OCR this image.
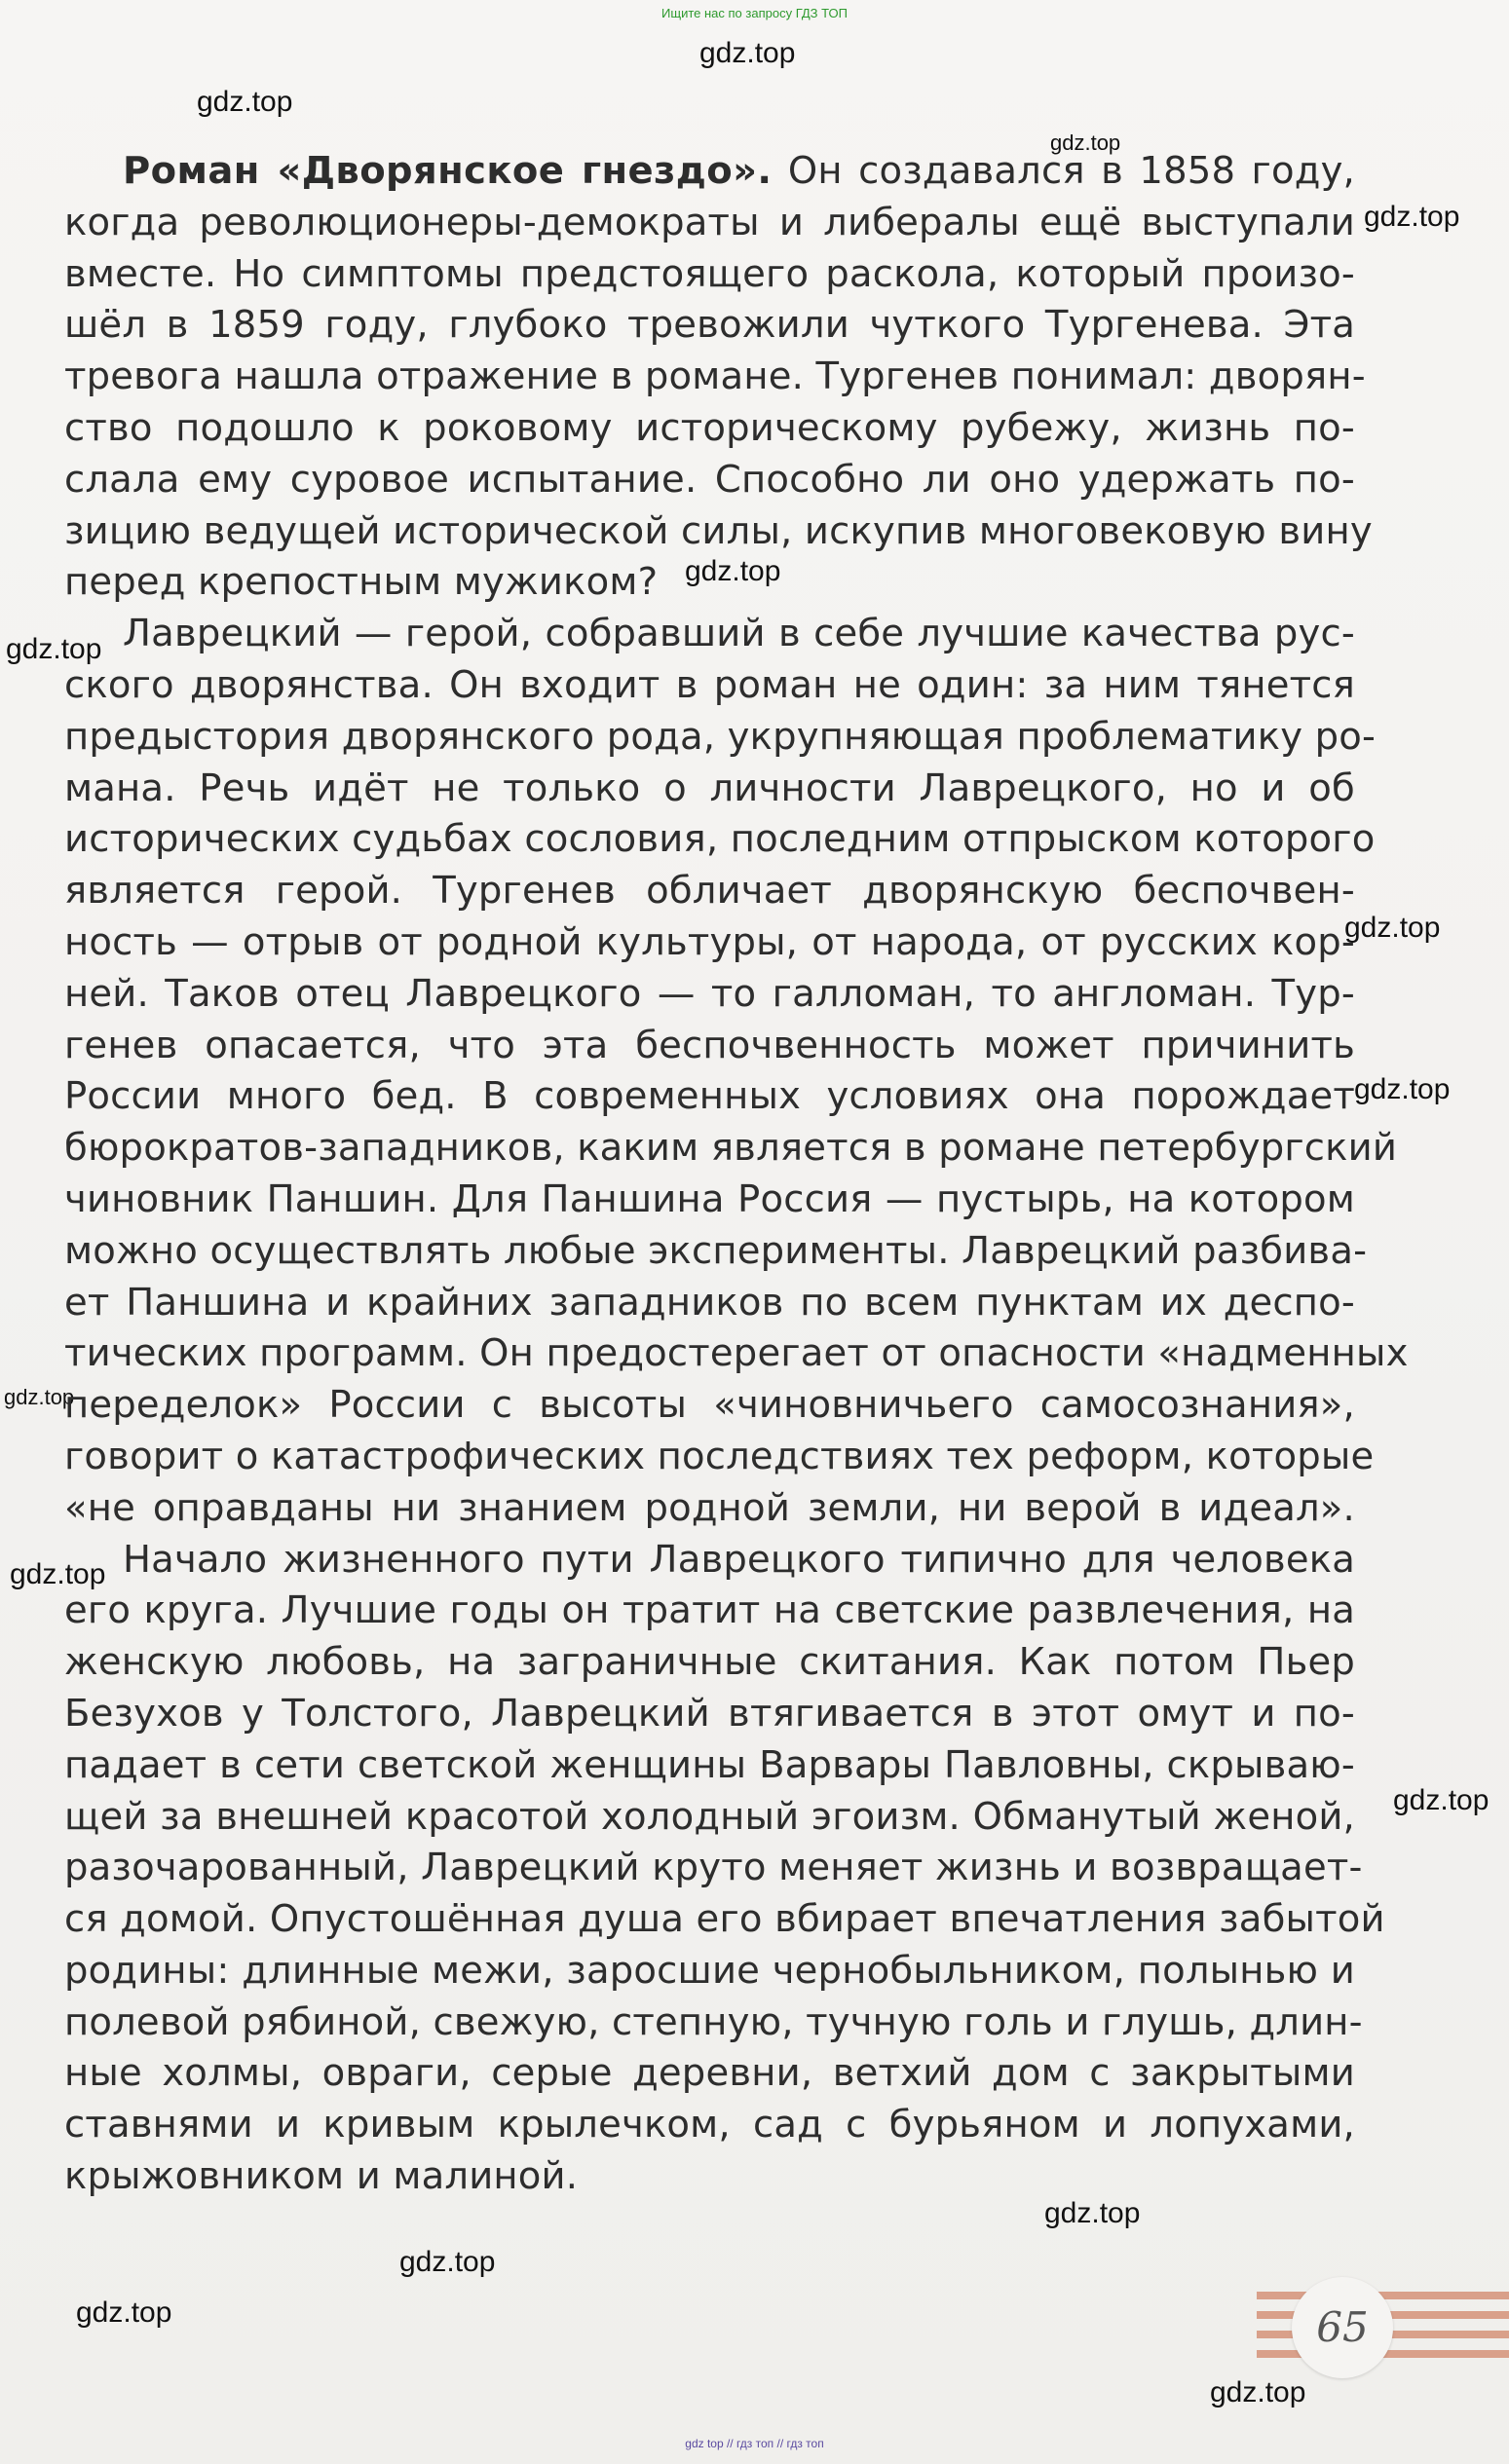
Ищите нас по запросу ГДЗ ТОП
gdz.top
gdz.top
gdz.top
gdz.top
gdz.top
gdz.top
gdz.top
gdz.top
gdz.top
gdz.top
gdz.top
gdz.top
gdz.top
gdz.top
gdz.top
Роман «Дворянское гнездо». Он создавался в 1858 году,
когда революционеры-демократы и либералы ещё выступали
вместе. Но симптомы предстоящего раскола, который произо-
шёл в 1859 году, глубоко тревожили чуткого Тургенева. Эта
тревога нашла отражение в романе. Тургенев понимал: дворян-
ство подошло к роковому историческому рубежу, жизнь по-
слала ему суровое испытание. Способно ли оно удержать по-
зицию ведущей исторической силы, искупив многовековую вину
перед крепостным мужиком?
Лаврецкий — герой, собравший в себе лучшие качества рус-
ского дворянства. Он входит в роман не один: за ним тянется
предыстория дворянского рода, укрупняющая проблематику ро-
мана. Речь идёт не только о личности Лаврецкого, но и об
исторических судьбах сословия, последним отпрыском которого
является герой. Тургенев обличает дворянскую беспочвен-
ность — отрыв от родной культуры, от народа, от русских кор-
ней. Таков отец Лаврецкого — то галломан, то англоман. Тур-
генев опасается, что эта беспочвенность может причинить
России много бед. В современных условиях она порождает
бюрократов-западников, каким является в романе петербургский
чиновник Паншин. Для Паншина Россия — пустырь, на котором
можно осуществлять любые эксперименты. Лаврецкий разбива-
ет Паншина и крайних западников по всем пунктам их деспо-
тических программ. Он предостерегает от опасности «надменных
переделок» России с высоты «чиновничьего самосознания»,
говорит о катастрофических последствиях тех реформ, которые
«не оправданы ни знанием родной земли, ни верой в идеал».
Начало жизненного пути Лаврецкого типично для человека
его круга. Лучшие годы он тратит на светские развлечения, на
женскую любовь, на заграничные скитания. Как потом Пьер
Безухов у Толстого, Лаврецкий втягивается в этот омут и по-
падает в сети светской женщины Варвары Павловны, скрываю-
щей за внешней красотой холодный эгоизм. Обманутый женой,
разочарованный, Лаврецкий круто меняет жизнь и возвращает-
ся домой. Опустошённая душа его вбирает впечатления забытой
родины: длинные межи, заросшие чернобыльником, полынью и
полевой рябиной, свежую, степную, тучную голь и глушь, длин-
ные холмы, овраги, серые деревни, ветхий дом с закрытыми
ставнями и кривым крылечком, сад с бурьяном и лопухами,
крыжовником и малиной.
65
gdz top // гдз топ // гдз топ
